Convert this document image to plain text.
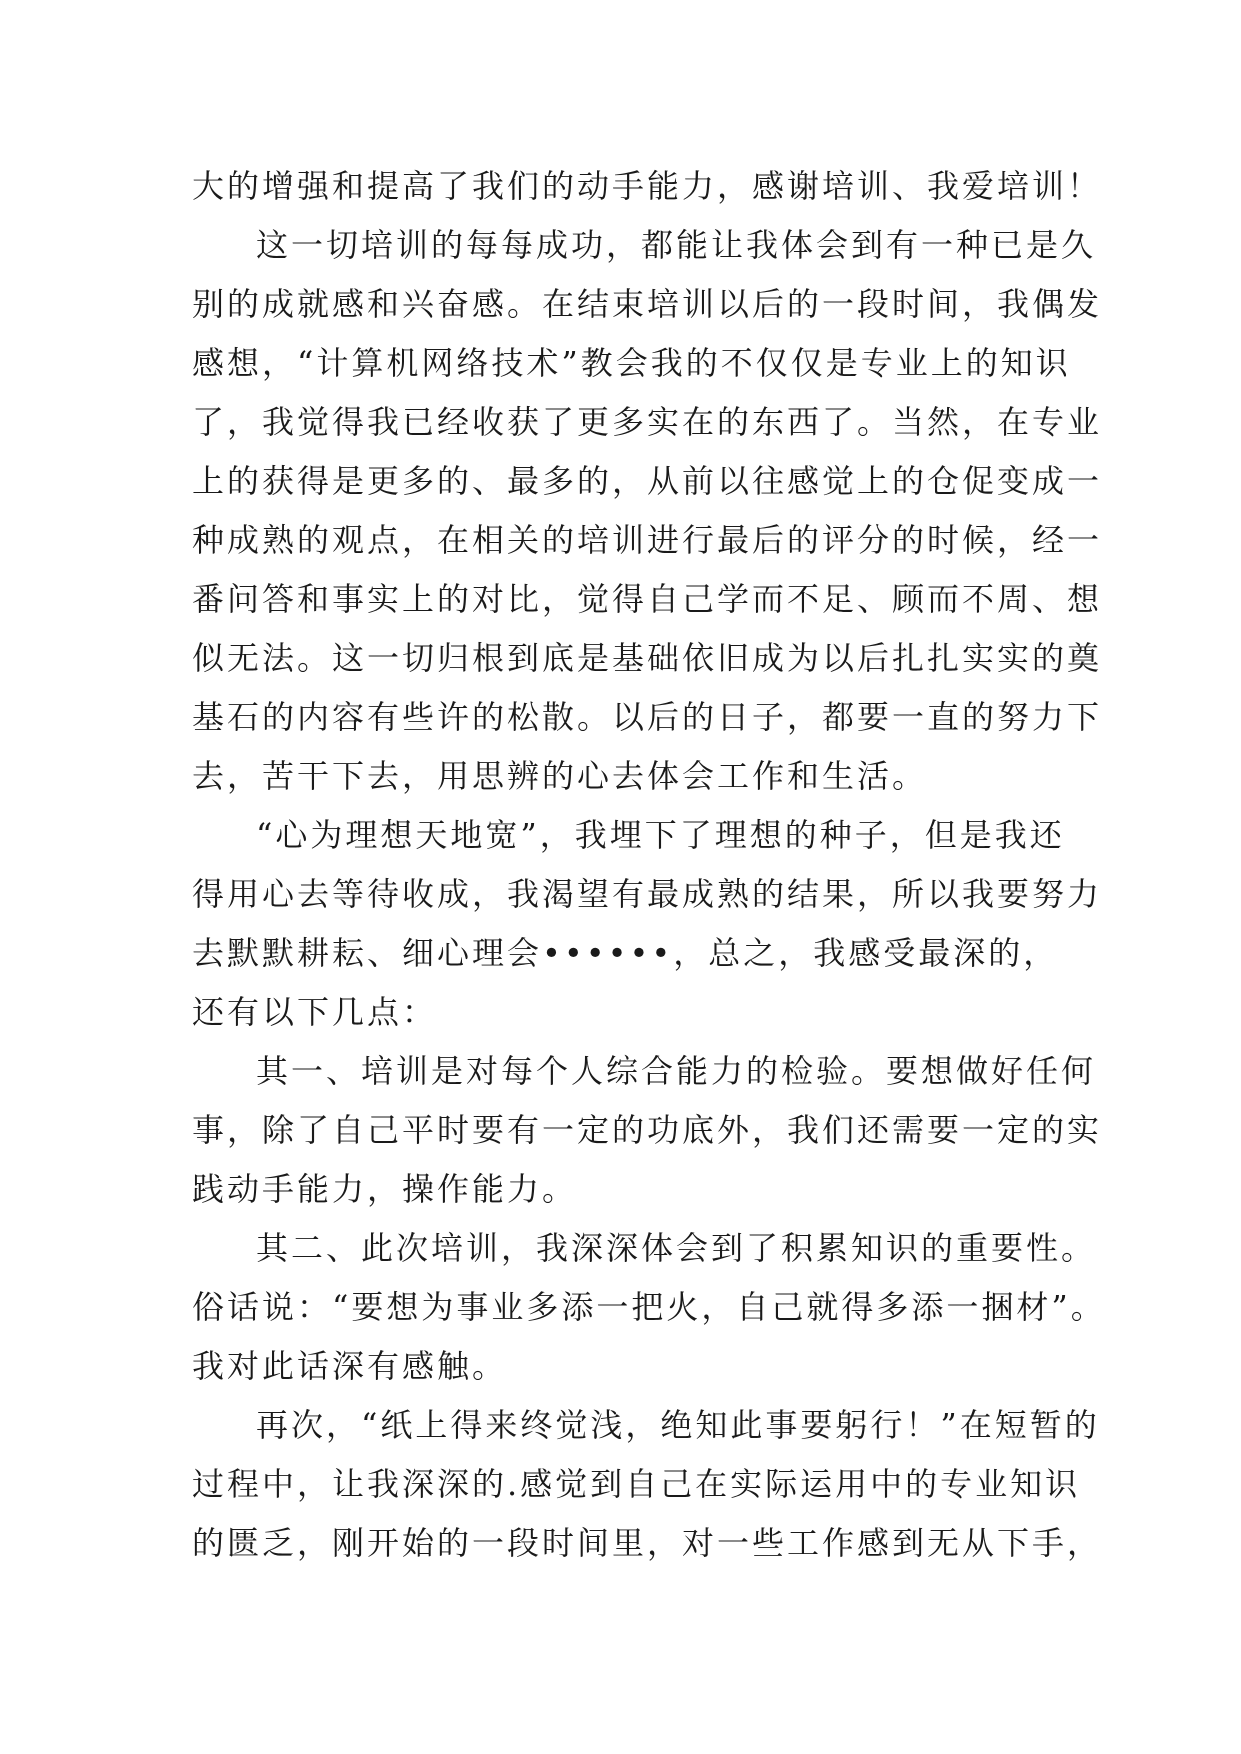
大的增强和提高了我们的动手能力，感谢培训、我爱培训！
这一切培训的每每成功，都能让我体会到有一种已是久
别的成就感和兴奋感。在结束培训以后的一段时间，我偶发
感想，“计算机网络技术”教会我的不仅仅是专业上的知识
了，我觉得我已经收获了更多实在的东西了。当然，在专业
上的获得是更多的、最多的，从前以往感觉上的仓促变成一
种成熟的观点，在相关的培训进行最后的评分的时候，经一
番问答和事实上的对比，觉得自己学而不足、顾而不周、想
似无法。这一切归根到底是基础依旧成为以后扎扎实实的奠
基石的内容有些许的松散。以后的日子，都要一直的努力下
去，苦干下去，用思辨的心去体会工作和生活。
“心为理想天地宽”，我埋下了理想的种子，但是我还
得用心去等待收成，我渴望有最成熟的结果，所以我要努力
去默默耕耘、细心理会••••••，总之，我感受最深的，
还有以下几点：
其一、培训是对每个人综合能力的检验。要想做好任何
事，除了自己平时要有一定的功底外，我们还需要一定的实
践动手能力，操作能力。
其二、此次培训，我深深体会到了积累知识的重要性。
俗话说：“要想为事业多添一把火，自己就得多添一捆材”。
我对此话深有感触。
再次，“纸上得来终觉浅，绝知此事要躬行！”在短暂的
过程中，让我深深的.感觉到自己在实际运用中的专业知识
的匮乏，刚开始的一段时间里，对一些工作感到无从下手，
